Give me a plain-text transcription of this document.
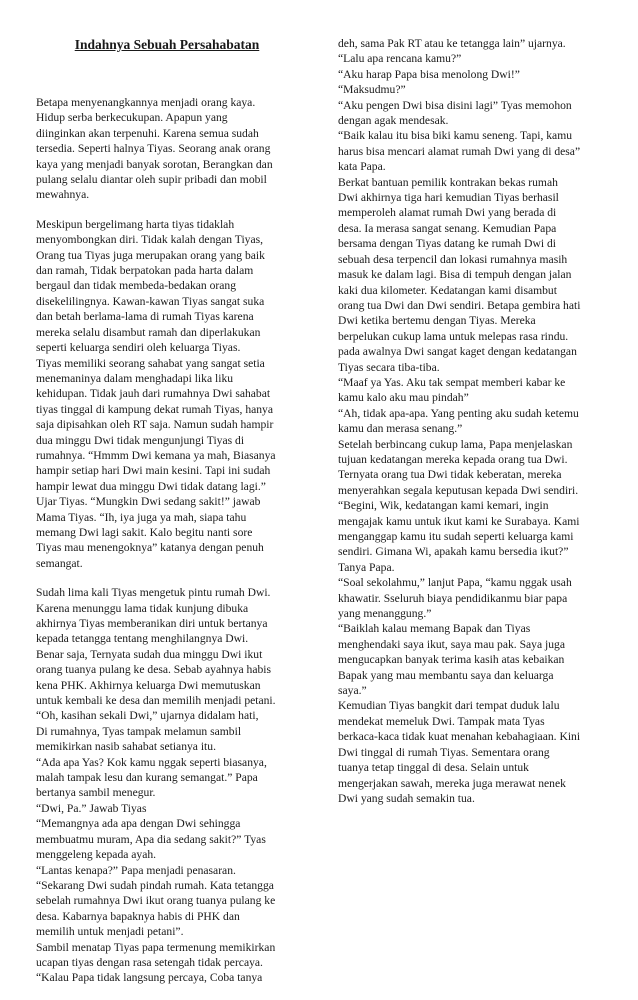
Indahnya Sebuah Persahabatan
Betapa menyenangkannya menjadi orang kaya.
Hidup serba berkecukupan. Apapun yang
diinginkan akan terpenuhi. Karena semua sudah
tersedia. Seperti halnya Tiyas. Seorang anak orang
kaya yang menjadi banyak sorotan, Berangkan dan
pulang selalu diantar oleh supir pribadi dan mobil
mewahnya.
Meskipun bergelimang harta tiyas tidaklah
menyombongkan diri. Tidak kalah dengan Tiyas,
Orang tua Tiyas juga merupakan orang yang baik
dan ramah, Tidak berpatokan pada harta dalam
bergaul dan tidak membeda-bedakan orang
disekelilingnya. Kawan-kawan Tiyas sangat suka
dan betah berlama-lama di rumah Tiyas karena
mereka selalu disambut ramah dan diperlakukan
seperti keluarga sendiri oleh keluarga Tiyas.
Tiyas memiliki seorang sahabat yang sangat setia
menemaninya dalam menghadapi lika liku
kehidupan. Tidak jauh dari rumahnya Dwi sahabat
tiyas tinggal di kampung dekat rumah Tiyas, hanya
saja dipisahkan oleh RT saja. Namun sudah hampir
dua minggu Dwi tidak mengunjungi Tiyas di
rumahnya. “Hmmm Dwi kemana ya mah, Biasanya
hampir setiap hari Dwi main kesini. Tapi ini sudah
hampir lewat dua minggu Dwi tidak datang lagi.”
Ujar Tiyas. “Mungkin Dwi sedang sakit!” jawab
Mama Tiyas. “Ih, iya juga ya mah, siapa tahu
memang Dwi lagi sakit. Kalo begitu nanti sore
Tiyas mau menengoknya” katanya dengan penuh
semangat.
Sudah lima kali Tiyas mengetuk pintu rumah Dwi.
Karena menunggu lama tidak kunjung dibuka
akhirnya Tiyas memberanikan diri untuk bertanya
kepada tetangga tentang menghilangnya Dwi.
Benar saja, Ternyata sudah dua minggu Dwi ikut
orang tuanya pulang ke desa. Sebab ayahnya habis
kena PHK. Akhirnya keluarga Dwi memutuskan
untuk kembali ke desa dan memilih menjadi petani.
“Oh, kasihan sekali Dwi,” ujarnya didalam hati,
Di rumahnya, Tyas tampak melamun sambil
memikirkan nasib sahabat setianya itu.
“Ada apa Yas? Kok kamu nggak seperti biasanya,
malah tampak lesu dan kurang semangat.” Papa
bertanya sambil menegur.
“Dwi, Pa.” Jawab Tiyas
“Memangnya ada apa dengan Dwi sehingga
membuatmu muram, Apa dia sedang sakit?” Tyas
menggeleng kepada ayah.
“Lantas kenapa?” Papa menjadi penasaran.
“Sekarang Dwi sudah pindah rumah. Kata tetangga
sebelah rumahnya Dwi ikut orang tuanya pulang ke
desa. Kabarnya bapaknya habis di PHK dan
memilih untuk menjadi petani”.
Sambil menatap Tiyas papa termenung memikirkan
ucapan tiyas dengan rasa setengah tidak percaya.
“Kalau Papa tidak langsung percaya, Coba tanya
deh, sama Pak RT atau ke tetangga lain” ujarnya.
“Lalu apa rencana kamu?”
“Aku harap Papa bisa menolong Dwi!”
“Maksudmu?”
“Aku pengen Dwi bisa disini lagi” Tyas memohon
dengan agak mendesak.
“Baik kalau itu bisa biki kamu seneng. Tapi, kamu
harus bisa mencari alamat rumah Dwi yang di desa”
kata Papa.
Berkat bantuan pemilik kontrakan bekas rumah
Dwi akhirnya tiga hari kemudian Tiyas berhasil
memperoleh alamat rumah Dwi yang berada di
desa. Ia merasa sangat senang. Kemudian Papa
bersama dengan Tiyas datang ke rumah Dwi di
sebuah desa terpencil dan lokasi rumahnya masih
masuk ke dalam lagi. Bisa di tempuh dengan jalan
kaki dua kilometer. Kedatangan kami disambut
orang tua Dwi dan Dwi sendiri. Betapa gembira hati
Dwi ketika bertemu dengan Tiyas. Mereka
berpelukan cukup lama untuk melepas rasa rindu.
pada awalnya Dwi sangat kaget dengan kedatangan
Tiyas secara tiba-tiba.
“Maaf ya Yas. Aku tak sempat memberi kabar ke
kamu kalo aku mau pindah”
“Ah, tidak apa-apa. Yang penting aku sudah ketemu
kamu dan merasa senang.”
Setelah berbincang cukup lama, Papa menjelaskan
tujuan kedatangan mereka kepada orang tua Dwi.
Ternyata orang tua Dwi tidak keberatan, mereka
menyerahkan segala keputusan kepada Dwi sendiri.
“Begini, Wik, kedatangan kami kemari, ingin
mengajak kamu untuk ikut kami ke Surabaya. Kami
menganggap kamu itu sudah seperti keluarga kami
sendiri. Gimana Wi, apakah kamu bersedia ikut?”
Tanya Papa.
“Soal sekolahmu,” lanjut Papa, “kamu nggak usah
khawatir. Sseluruh biaya pendidikanmu biar papa
yang menanggung.”
“Baiklah kalau memang Bapak dan Tiyas
menghendaki saya ikut, saya mau pak. Saya juga
mengucapkan banyak terima kasih atas kebaikan
Bapak yang mau membantu saya dan keluarga
saya.”
Kemudian Tiyas bangkit dari tempat duduk lalu
mendekat memeluk Dwi. Tampak mata Tyas
berkaca-kaca tidak kuat menahan kebahagiaan. Kini
Dwi tinggal di rumah Tiyas. Sementara orang
tuanya tetap tinggal di desa. Selain untuk
mengerjakan sawah, mereka juga merawat nenek
Dwi yang sudah semakin tua.
